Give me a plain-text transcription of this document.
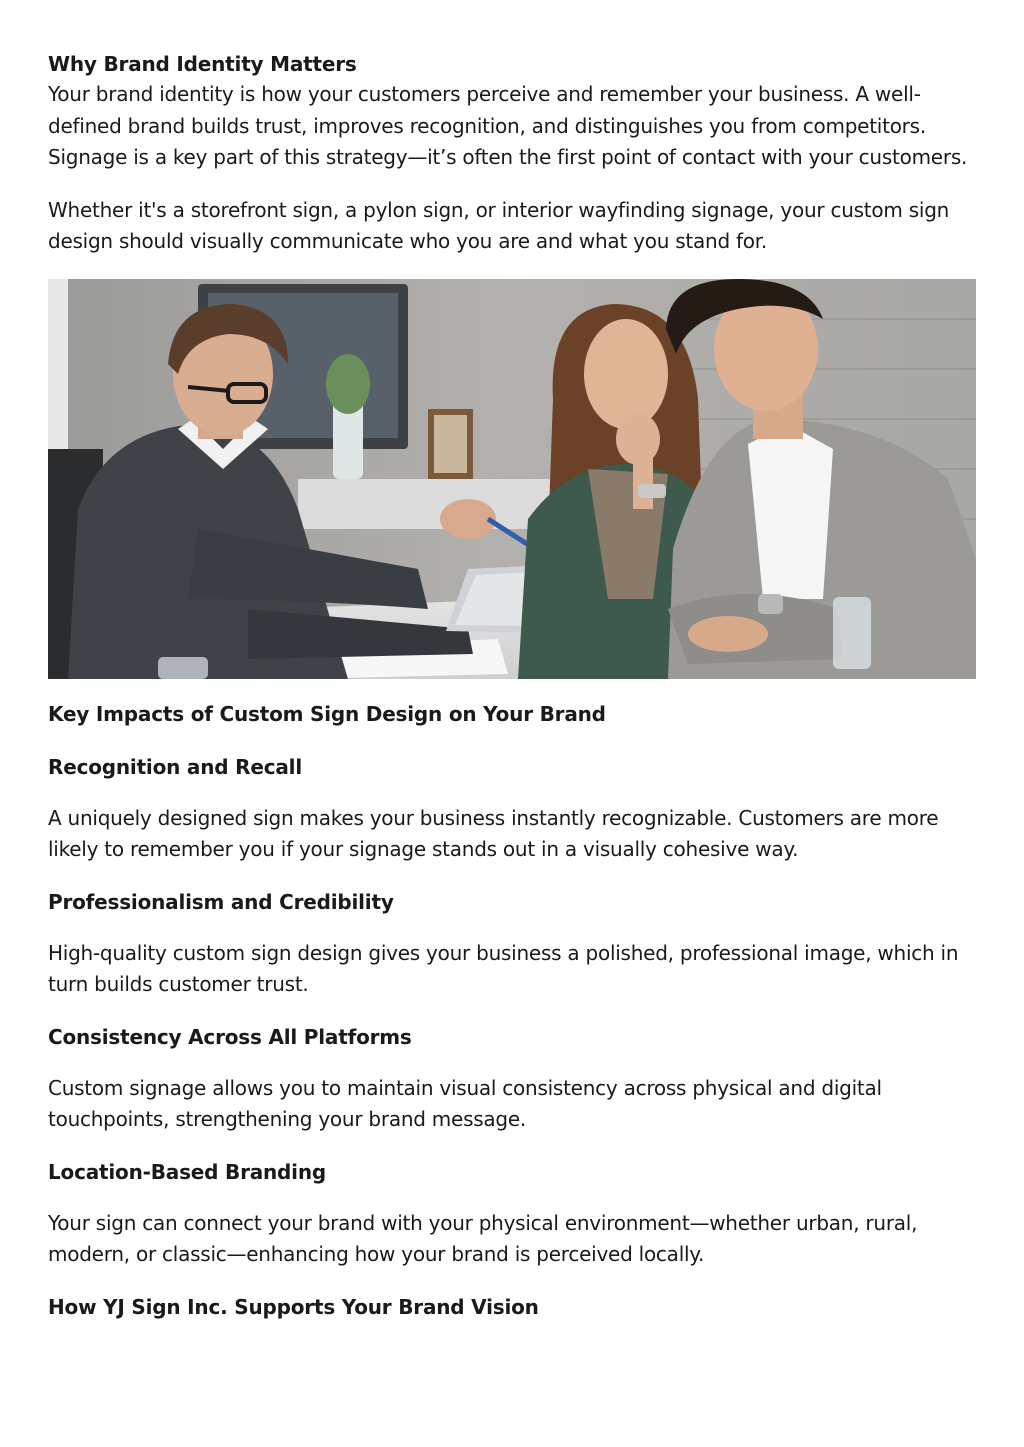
Why Brand Identity Matters

Your brand identity is how your customers perceive and remember your business. A well-

defined brand builds trust, improves recognition, and distinguishes you from competitors.

Signage is a key part of this strategy—it’s often the first point of contact with your customers.

Whether it's a storefront sign, a pylon sign, or interior wayfinding signage, your custom sign

design should visually communicate who you are and what you stand for.

Key Impacts of Custom Sign Design on Your Brand

Recognition and Recall

A uniquely designed sign makes your business instantly recognizable. Customers are more

likely to remember you if your signage stands out in a visually cohesive way.

Professionalism and Credibility

High-quality custom sign design gives your business a polished, professional image, which in

turn builds customer trust.

Consistency Across All Platforms

Custom signage allows you to maintain visual consistency across physical and digital

touchpoints, strengthening your brand message.

Location-Based Branding

Your sign can connect your brand with your physical environment—whether urban, rural,

modern, or classic—enhancing how your brand is perceived locally.

How YJ Sign Inc. Supports Your Brand Vision
